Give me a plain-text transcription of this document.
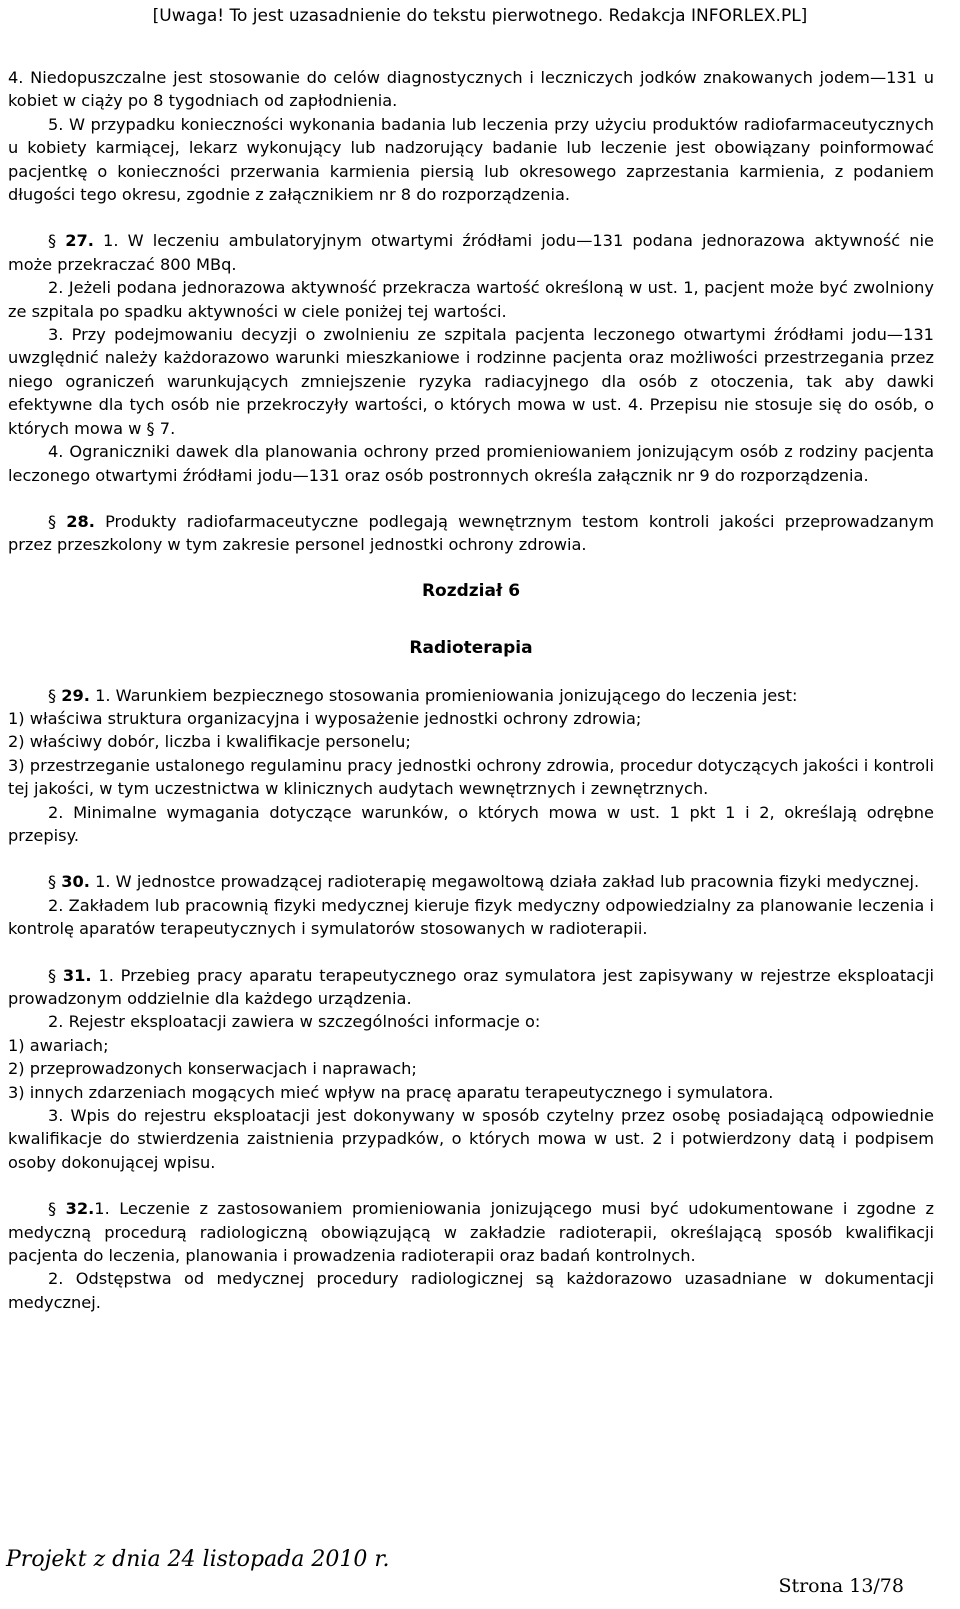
[Uwaga! To jest uzasadnienie do tekstu pierwotnego. Redakcja INFORLEX.PL]

4. Niedopuszczalne jest stosowanie do celów diagnostycznych i leczniczych jodków znakowanych jodem—131 u kobiet w ciąży po 8 tygodniach od zapłodnienia.

5. W przypadku konieczności wykonania badania lub leczenia przy użyciu produktów radiofarmaceutycznych u kobiety karmiącej, lekarz wykonujący lub nadzorujący badanie lub leczenie jest obowiązany poinformować pacjentkę o konieczności przerwania karmienia piersią lub okresowego zaprzestania karmienia, z podaniem długości tego okresu, zgodnie z załącznikiem nr 8 do rozporządzenia.

§ 27. 1. W leczeniu ambulatoryjnym otwartymi źródłami jodu—131 podana jednorazowa aktywność nie może przekraczać 800 MBq.

2. Jeżeli podana jednorazowa aktywność przekracza wartość określoną w ust. 1, pacjent może być zwolniony ze szpitala po spadku aktywności w ciele poniżej tej wartości.

3. Przy podejmowaniu decyzji o zwolnieniu ze szpitala pacjenta leczonego otwartymi źródłami jodu—131 uwzględnić należy każdorazowo warunki mieszkaniowe i rodzinne pacjenta oraz możliwości przestrzegania przez niego ograniczeń warunkujących zmniejszenie ryzyka radiacyjnego dla osób z otoczenia, tak aby dawki efektywne dla tych osób nie przekroczyły wartości, o których mowa w ust. 4. Przepisu nie stosuje się do osób, o których mowa w § 7.

4. Ograniczniki dawek dla planowania ochrony przed promieniowaniem jonizującym osób z rodziny pacjenta leczonego otwartymi źródłami jodu—131 oraz osób postronnych określa załącznik nr 9 do rozporządzenia.

§ 28. Produkty radiofarmaceutyczne podlegają wewnętrznym testom kontroli jakości przeprowadzanym przez przeszkolony w tym zakresie personel jednostki ochrony zdrowia.

Rozdział 6

Radioterapia

§ 29. 1. Warunkiem bezpiecznego stosowania promieniowania jonizującego do leczenia jest:

1) właściwa struktura organizacyjna i wyposażenie jednostki ochrony zdrowia;

2) właściwy dobór, liczba i kwalifikacje personelu;

3) przestrzeganie ustalonego regulaminu pracy jednostki ochrony zdrowia, procedur dotyczących jakości i kontroli tej jakości, w tym uczestnictwa w klinicznych audytach wewnętrznych i zewnętrznych.

2. Minimalne wymagania dotyczące warunków, o których mowa w ust. 1 pkt 1 i 2, określają odrębne przepisy.

§ 30. 1. W jednostce prowadzącej radioterapię megawoltową działa zakład lub pracownia fizyki medycznej.

2. Zakładem lub pracownią fizyki medycznej kieruje fizyk medyczny odpowiedzialny za planowanie leczenia i kontrolę aparatów terapeutycznych i symulatorów stosowanych w radioterapii.

§ 31. 1. Przebieg pracy aparatu terapeutycznego oraz symulatora jest zapisywany w rejestrze eksploatacji prowadzonym oddzielnie dla każdego urządzenia.

2. Rejestr eksploatacji zawiera w szczególności informacje o:

1) awariach;

2) przeprowadzonych konserwacjach i naprawach;

3) innych zdarzeniach mogących mieć wpływ na pracę aparatu terapeutycznego i symulatora.

3. Wpis do rejestru eksploatacji jest dokonywany w sposób czytelny przez osobę posiadającą odpowiednie kwalifikacje do stwierdzenia zaistnienia przypadków, o których mowa w ust. 2 i potwierdzony datą i podpisem osoby dokonującej wpisu.

§ 32.1. Leczenie z zastosowaniem promieniowania jonizującego musi być udokumentowane i zgodne z medyczną procedurą radiologiczną obowiązującą w zakładzie radioterapii, określającą sposób kwalifikacji pacjenta do leczenia, planowania i prowadzenia radioterapii oraz badań kontrolnych.

2. Odstępstwa od medycznej procedury radiologicznej są każdorazowo uzasadniane w dokumentacji medycznej.

Projekt z dnia 24 listopada 2010 r.
Strona 13/78
